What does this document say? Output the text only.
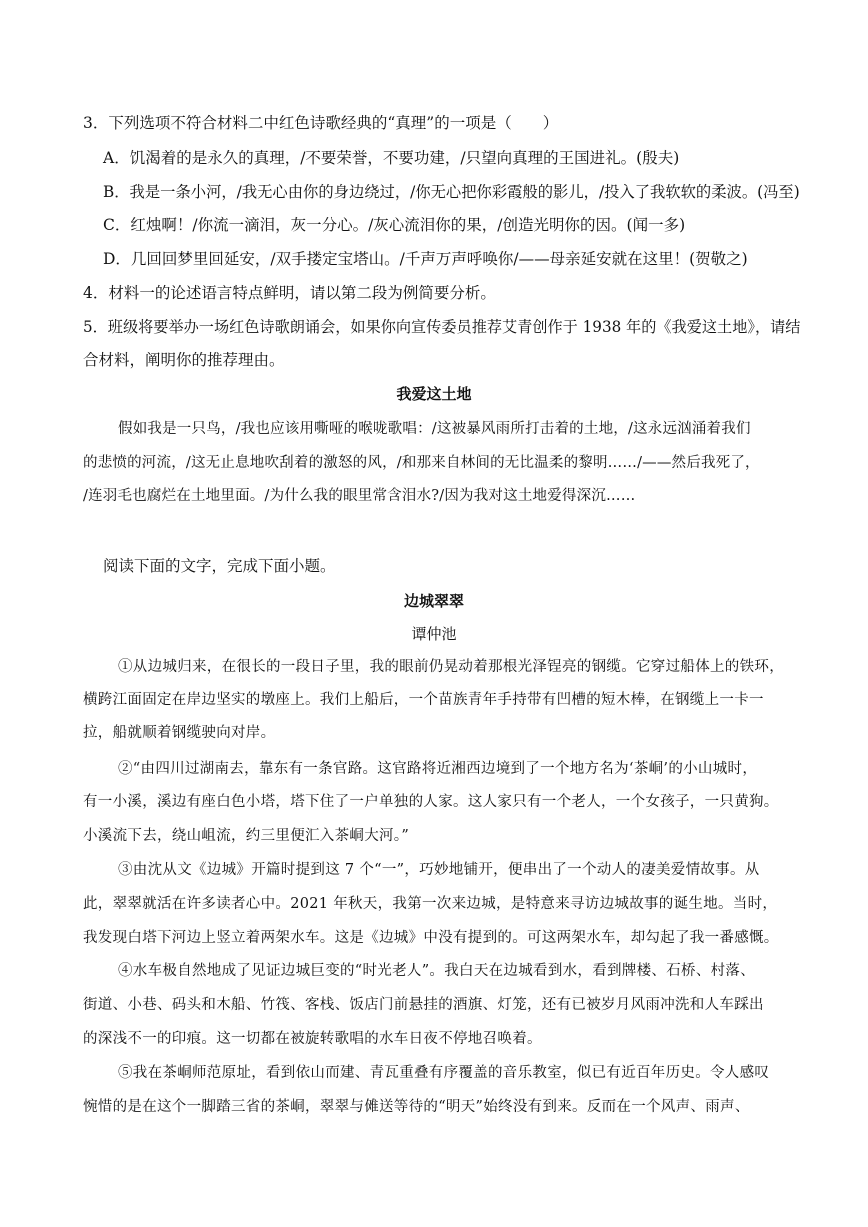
3．下列选项不符合材料二中红色诗歌经典的“真理”的一项是（　　）
A．饥渴着的是永久的真理，/不要荣誉，不要功建，/只望向真理的王国进礼。(殷夫)
B．我是一条小河，/我无心由你的身边绕过，/你无心把你彩霞般的影儿，/投入了我软软的柔波。(冯至)
C．红烛啊！/你流一滴泪，灰一分心。/灰心流泪你的果，/创造光明你的因。(闻一多)
D．几回回梦里回延安，/双手搂定宝塔山。/千声万声呼唤你/——母亲延安就在这里！(贺敬之)
4．材料一的论述语言特点鲜明，请以第二段为例简要分析。
5．班级将要举办一场红色诗歌朗诵会，如果你向宣传委员推荐艾青创作于 1938 年的《我爱这土地》，请结
合材料，阐明你的推荐理由。
我爱这土地
假如我是一只鸟，/我也应该用嘶哑的喉咙歌唱：/这被暴风雨所打击着的土地，/这永远汹涌着我们
的悲愤的河流，/这无止息地吹刮着的激怒的风，/和那来自林间的无比温柔的黎明……/——然后我死了，
/连羽毛也腐烂在土地里面。/为什么我的眼里常含泪水?/因为我对这土地爱得深沉……
阅读下面的文字，完成下面小题。
边城翠翠
谭仲池
①从边城归来，在很长的一段日子里，我的眼前仍晃动着那根光泽锃亮的钢缆。它穿过船体上的铁环，
横跨江面固定在岸边坚实的墩座上。我们上船后，一个苗族青年手持带有凹槽的短木棒，在钢缆上一卡一
拉，船就顺着钢缆驶向对岸。
②“由四川过湖南去，靠东有一条官路。这官路将近湘西边境到了一个地方名为‘茶峒’的小山城时，
有一小溪，溪边有座白色小塔，塔下住了一户单独的人家。这人家只有一个老人，一个女孩子，一只黄狗。
小溪流下去，绕山岨流，约三里便汇入茶峒大河。”
③由沈从文《边城》开篇时提到这 7 个“一”，巧妙地铺开，便串出了一个动人的凄美爱情故事。从
此，翠翠就活在许多读者心中。2021 年秋天，我第一次来边城，是特意来寻访边城故事的诞生地。当时，
我发现白塔下河边上竖立着两架水车。这是《边城》中没有提到的。可这两架水车，却勾起了我一番感慨。
④水车极自然地成了见证边城巨变的“时光老人”。我白天在边城看到水，看到牌楼、石桥、村落、
街道、小巷、码头和木船、竹筏、客栈、饭店门前悬挂的酒旗、灯笼，还有已被岁月风雨冲洗和人车踩出
的深浅不一的印痕。这一切都在被旋转歌唱的水车日夜不停地召唤着。
⑤我在茶峒师范原址，看到依山而建、青瓦重叠有序覆盖的音乐教室，似已有近百年历史。令人感叹
惋惜的是在这个一脚踏三省的茶峒，翠翠与傩送等待的“明天”始终没有到来。反而在一个风声、雨声、
